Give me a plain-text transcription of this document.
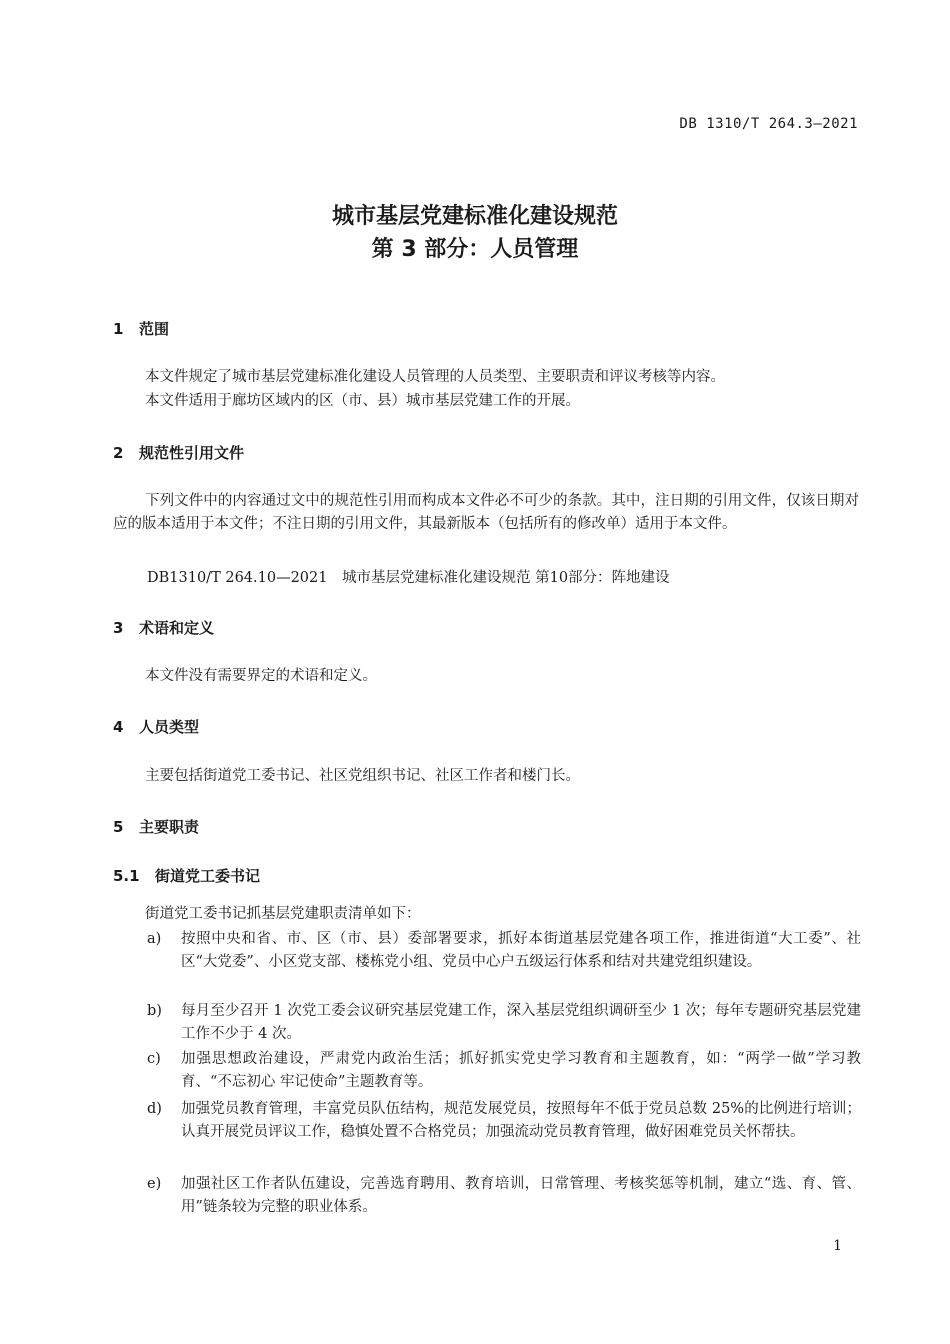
DB 1310/T 264.3—2021
城市基层党建标准化建设规范
第 3 部分：人员管理
1 范围
本文件规定了城市基层党建标准化建设人员管理的人员类型、主要职责和评议考核等内容。
本文件适用于廊坊区域内的区（市、县）城市基层党建工作的开展。
2 规范性引用文件
下列文件中的内容通过文中的规范性引用而构成本文件必不可少的条款。其中，注日期的引用文件，仅该日期对应的版本适用于本文件；不注日期的引用文件，其最新版本（包括所有的修改单）适用于本文件。
DB1310/T 264.10—2021　城市基层党建标准化建设规范 第10部分：阵地建设
3 术语和定义
本文件没有需要界定的术语和定义。
4 人员类型
主要包括街道党工委书记、社区党组织书记、社区工作者和楼门长。
5 主要职责
5.1 街道党工委书记
街道党工委书记抓基层党建职责清单如下：
a) 按照中央和省、市、区（市、县）委部署要求，抓好本街道基层党建各项工作，推进街道“大工委”、社区“大党委”、小区党支部、楼栋党小组、党员中心户五级运行体系和结对共建党组织建设。
b) 每月至少召开 1 次党工委会议研究基层党建工作，深入基层党组织调研至少 1 次；每年专题研究基层党建工作不少于 4 次。
c) 加强思想政治建设，严肃党内政治生活；抓好抓实党史学习教育和主题教育，如：“两学一做”学习教育、“不忘初心 牢记使命”主题教育等。
d) 加强党员教育管理，丰富党员队伍结构，规范发展党员，按照每年不低于党员总数 25%的比例进行培训；认真开展党员评议工作，稳慎处置不合格党员；加强流动党员教育管理，做好困难党员关怀帮扶。
e) 加强社区工作者队伍建设，完善选育聘用、教育培训，日常管理、考核奖惩等机制，建立“选、育、管、用”链条较为完整的职业体系。
1
